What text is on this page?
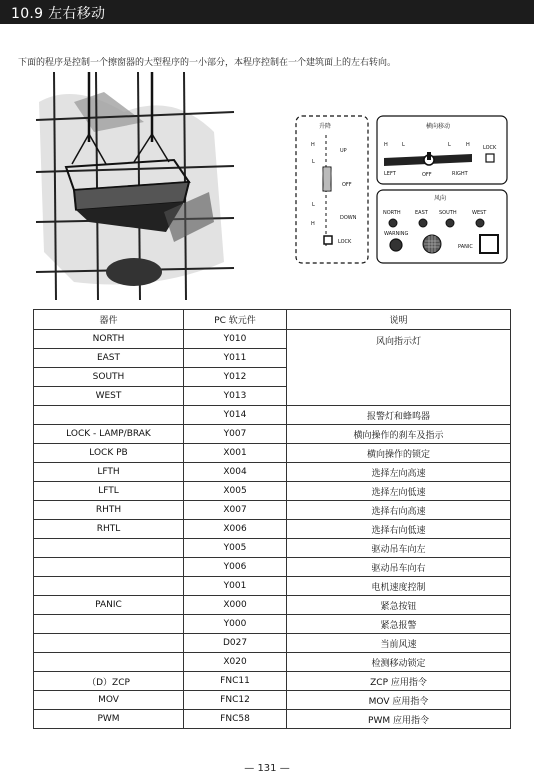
10.9 左右移动
下面的程序是控制一个擦窗器的大型程序的一小部分，本程序控制在一个建筑面上的左右转向。
升降
H
L
UP
OFF
L
H
DOWN
LOCK
横向移动
H	L	L	H	LOCK
LEFT	OFF	RIGHT
风向
NORTH	EAST SOUTH	WEST
WARNING
PANIC
器件	PC 软元件	说明
NORTH	Y010	风向指示灯
EAST	Y011	
SOUTH	Y012	
WEST	Y013	
	Y014	报警灯和蜂鸣器
LOCK - LAMP/BRAK	Y007	横向操作的刹车及指示
LOCK PB	X001	横向操作的锁定
LFTH	X004	选择左向高速
LFTL	X005	选择左向低速
RHTH	X007	选择右向高速
RHTL	X006	选择右向低速
	Y005	驱动吊车向左
	Y006	驱动吊车向右
	Y001	电机速度控制
PANIC	X000	紧急按钮
	Y000	紧急报警
	D027	当前风速
	X020	检测移动锁定
（D）ZCP	FNC11	ZCP 应用指令
MOV	FNC12	MOV 应用指令
PWM	FNC58	PWM 应用指令
— 131 —
